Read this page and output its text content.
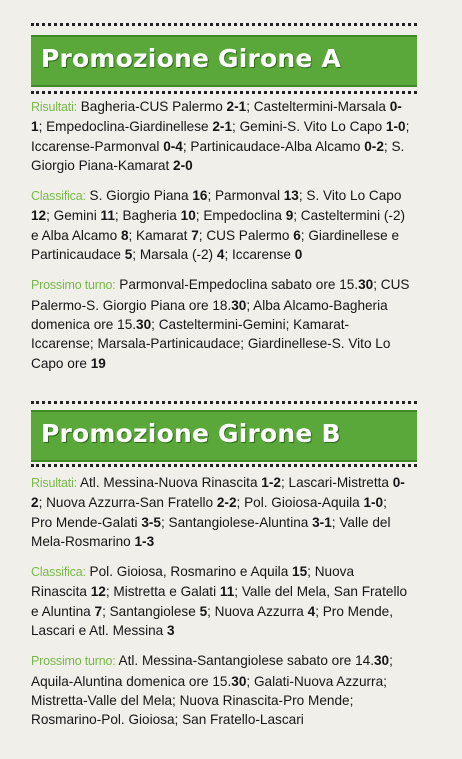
Promozione Girone A

Risultati: Bagheria-CUS Palermo 2-1; Casteltermini-Marsala 0-1; Empedoclina-Giardinellese 2-1; Gemini-S. Vito Lo Capo 1-0; Iccarense-Parmonval 0-4; Partinicaudace-Alba Alcamo 0-2; S. Giorgio Piana-Kamarat 2-0

Classifica: S. Giorgio Piana 16; Parmonval 13; S. Vito Lo Capo 12; Gemini 11; Bagheria 10; Empedoclina 9; Casteltermini (-2) e Alba Alcamo 8; Kamarat 7; CUS Palermo 6; Giardinellese e Partinicaudace 5; Marsala (-2) 4; Iccarense 0

Prossimo turno: Parmonval-Empedoclina sabato ore 15.30; CUS Palermo-S. Giorgio Piana ore 18.30; Alba Alcamo-Bagheria domenica ore 15.30; Casteltermini-Gemini; Kamarat-Iccarense; Marsala-Partinicaudace; Giardinellese-S. Vito Lo Capo ore 19

Promozione Girone B

Risultati: Atl. Messina-Nuova Rinascita 1-2; Lascari-Mistretta 0-2; Nuova Azzurra-San Fratello 2-2; Pol. Gioiosa-Aquila 1-0; Pro Mende-Galati 3-5; Santangiolese-Aluntina 3-1; Valle del Mela-Rosmarino 1-3

Classifica: Pol. Gioiosa, Rosmarino e Aquila 15; Nuova Rinascita 12; Mistretta e Galati 11; Valle del Mela, San Fratello e Aluntina 7; Santangiolese 5; Nuova Azzurra 4; Pro Mende, Lascari e Atl. Messina 3

Prossimo turno: Atl. Messina-Santangiolese sabato ore 14.30; Aquila-Aluntina domenica ore 15.30; Galati-Nuova Azzurra; Mistretta-Valle del Mela; Nuova Rinascita-Pro Mende; Rosmarino-Pol. Gioiosa; San Fratello-Lascari
